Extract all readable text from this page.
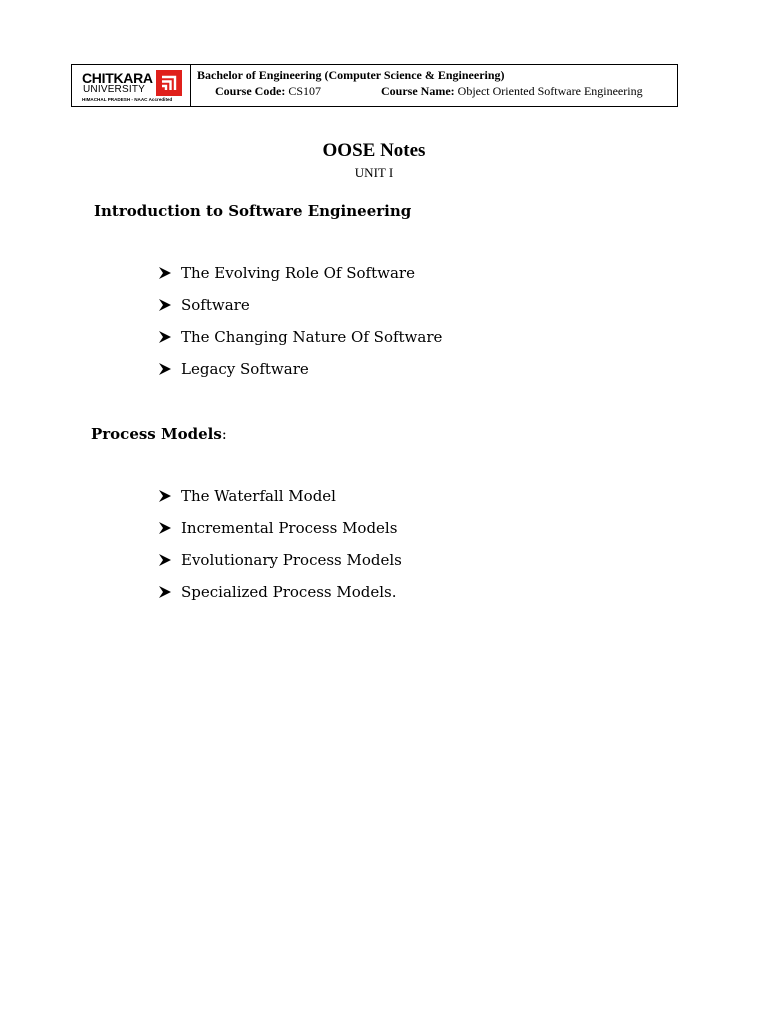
CHITKARA
UNIVERSITY
HIMACHAL PRADESH - NAAC Accredited
Bachelor of Engineering (Computer Science & Engineering)
Course Code: CS107	Course Name: Object Oriented Software Engineering
OOSE Notes
UNIT I
Introduction to Software Engineering
The Evolving Role Of Software
Software
The Changing Nature Of Software
Legacy Software
Process Models:
The Waterfall Model
Incremental Process Models
Evolutionary Process Models
Specialized Process Models.
